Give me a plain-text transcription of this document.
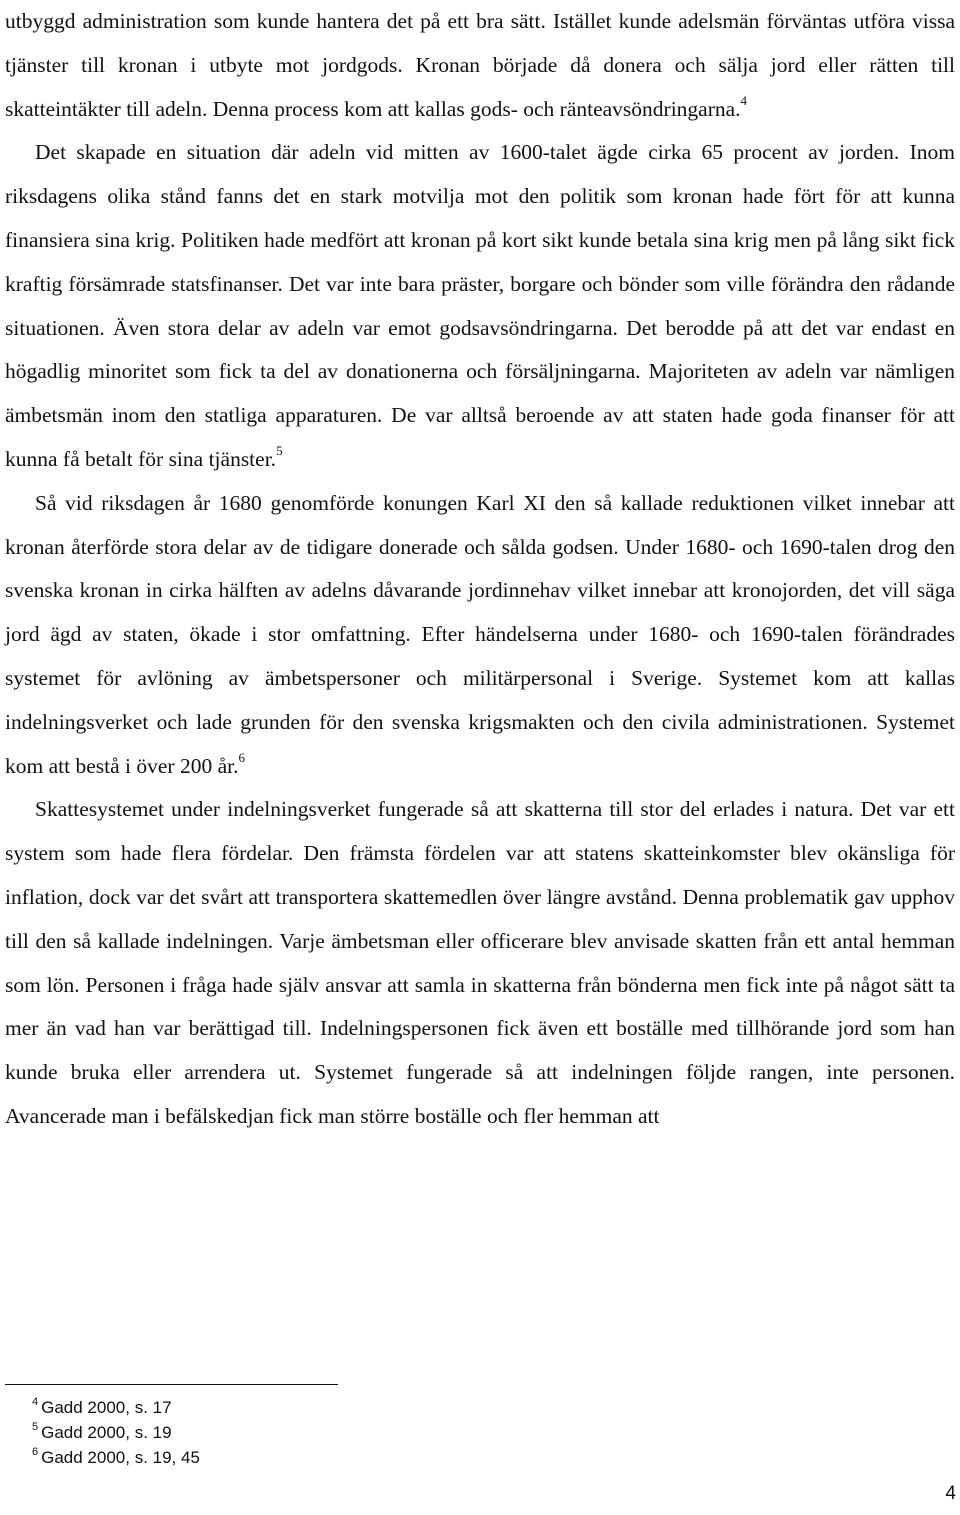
utbyggd administration som kunde hantera det på ett bra sätt. Istället kunde adelsmän förväntas utföra vissa tjänster till kronan i utbyte mot jordgods. Kronan började då donera och sälja jord eller rätten till skatteintäkter till adeln. Denna process kom att kallas gods- och ränteavsöndringarna.$^4$

Det skapade en situation där adeln vid mitten av 1600-talet ägde cirka 65 procent av jorden. Inom riksdagens olika stånd fanns det en stark motvilja mot den politik som kronan hade fört för att kunna finansiera sina krig. Politiken hade medfört att kronan på kort sikt kunde betala sina krig men på lång sikt fick kraftig försämrade statsfinanser. Det var inte bara präster, borgare och bönder som ville förändra den rådande situationen. Även stora delar av adeln var emot godsavsöndringarna. Det berodde på att det var endast en högadlig minoritet som fick ta del av donationerna och försäljningarna. Majoriteten av adeln var nämligen ämbetsmän inom den statliga apparaturen. De var alltså beroende av att staten hade goda finanser för att kunna få betalt för sina tjänster.$^5$

Så vid riksdagen år 1680 genomförde konungen Karl XI den så kallade reduktionen vilket innebar att kronan återförde stora delar av de tidigare donerade och sålda godsen. Under 1680- och 1690-talen drog den svenska kronan in cirka hälften av adelns dåvarande jordinnehav vilket innebar att kronojorden, det vill säga jord ägd av staten, ökade i stor omfattning. Efter händelserna under 1680- och 1690-talen förändrades systemet för avlöning av ämbetspersoner och militärpersonal i Sverige. Systemet kom att kallas indelningsverket och lade grunden för den svenska krigsmakten och den civila administrationen. Systemet kom att bestå i över 200 år.$^6$

Skattesystemet under indelningsverket fungerade så att skatterna till stor del erlades i natura. Det var ett system som hade flera fördelar. Den främsta fördelen var att statens skatteinkomster blev okänsliga för inflation, dock var det svårt att transportera skattemedlen över längre avstånd. Denna problematik gav upphov till den så kallade indelningen. Varje ämbetsman eller officerare blev anvisade skatten från ett antal hemman som lön. Personen i fråga hade själv ansvar att samla in skatterna från bönderna men fick inte på något sätt ta mer än vad han var berättigad till. Indelningspersonen fick även ett boställe med tillhörande jord som han kunde bruka eller arrendera ut. Systemet fungerade så att indelningen följde rangen, inte personen. Avancerade man i befälskedjan fick man större boställe och fler hemman att

$^4$ Gadd 2000, s. 17
$^5$ Gadd 2000, s. 19
$^6$ Gadd 2000, s. 19, 45
4
